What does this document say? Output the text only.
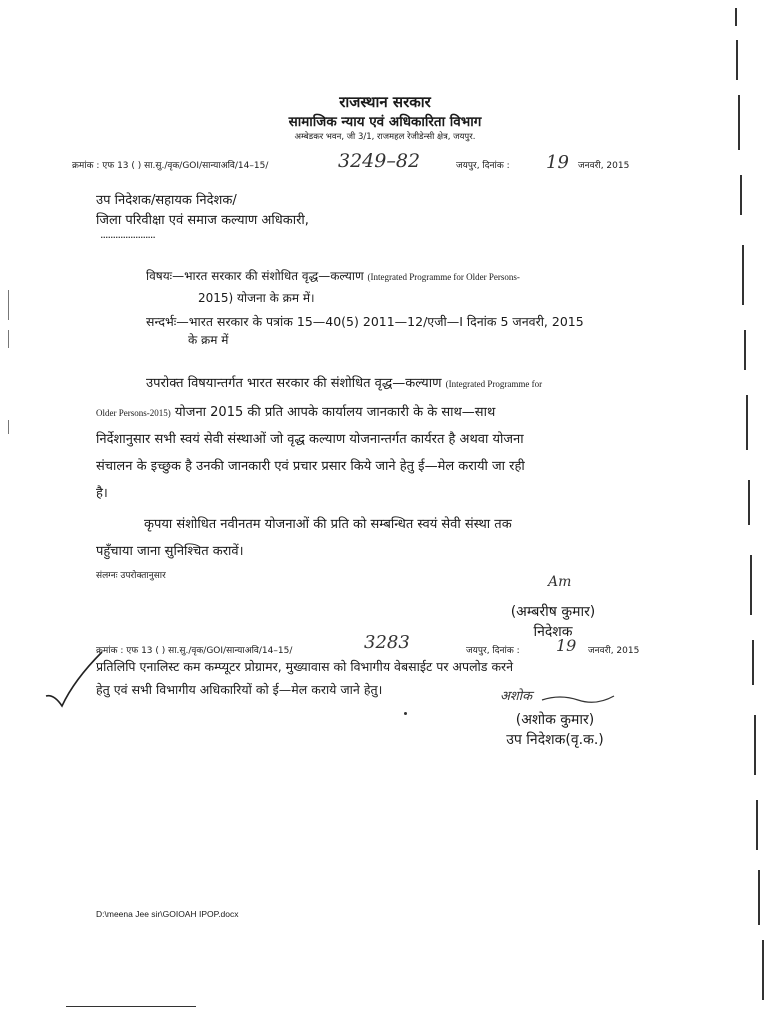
राजस्थान सरकार
सामाजिक न्याय एवं अधिकारिता विभाग
अम्बेडकर भवन, जी 3/1, राजमहल रेजीडेन्सी क्षेत्र, जयपुर.
क्रमांक : एफ 13 ( ) सा.सु./वृक/GOI/सान्याअवि/14–15/	3249–82	जयपुर, दिनांक : 19 जनवरी, 2015
उप निदेशक/सहायक निदेशक/
जिला परिवीक्षा एवं समाज कल्याण अधिकारी,
......................
विषयः—भारत सरकार की संशोधित वृद्ध—कल्याण (Integrated Programme for Older Persons-
2015) योजना के क्रम में।
सन्दर्भः—भारत सरकार के पत्रांक 15—40(5) 2011—12/एजी—I दिनांक 5 जनवरी, 2015
के क्रम में
उपरोक्त विषयान्तर्गत भारत सरकार की संशोधित वृद्ध—कल्याण (Integrated Programme for
Older Persons-2015) योजना 2015 की प्रति आपके कार्यालय जानकारी के के साथ—साथ
निर्देशानुसार सभी स्वयं सेवी संस्थाओं जो वृद्ध कल्याण योजनान्तर्गत कार्यरत है अथवा योजना
संचालन के इच्छुक है उनकी जानकारी एवं प्रचार प्रसार किये जाने हेतु ई—मेल करायी जा रही
है।
कृपया संशोधित नवीनतम योजनाओं की प्रति को सम्बन्धित स्वयं सेवी संस्था तक
पहुँचाया जाना सुनिश्चित करावें।
संलग्नः उपरोक्तानुसार	Am
(अम्बरीष कुमार)
निदेशक
क्रमांक : एफ 13 ( ) सा.सु./वृक/GOI/सान्याअवि/14–15/	3283	जयपुर, दिनांक : 19 जनवरी, 2015
प्रतिलिपि एनालिस्ट कम कम्प्यूटर प्रोग्रामर, मुख्यावास को विभागीय वेबसाईट पर अपलोड करने
हेतु एवं सभी विभागीय अधिकारियों को ई—मेल कराये जाने हेतु।	अशोक
(अशोक कुमार)
उप निदेशक(वृ.क.)
D:\meena Jee sir\GOIOAH IPOP.docx
